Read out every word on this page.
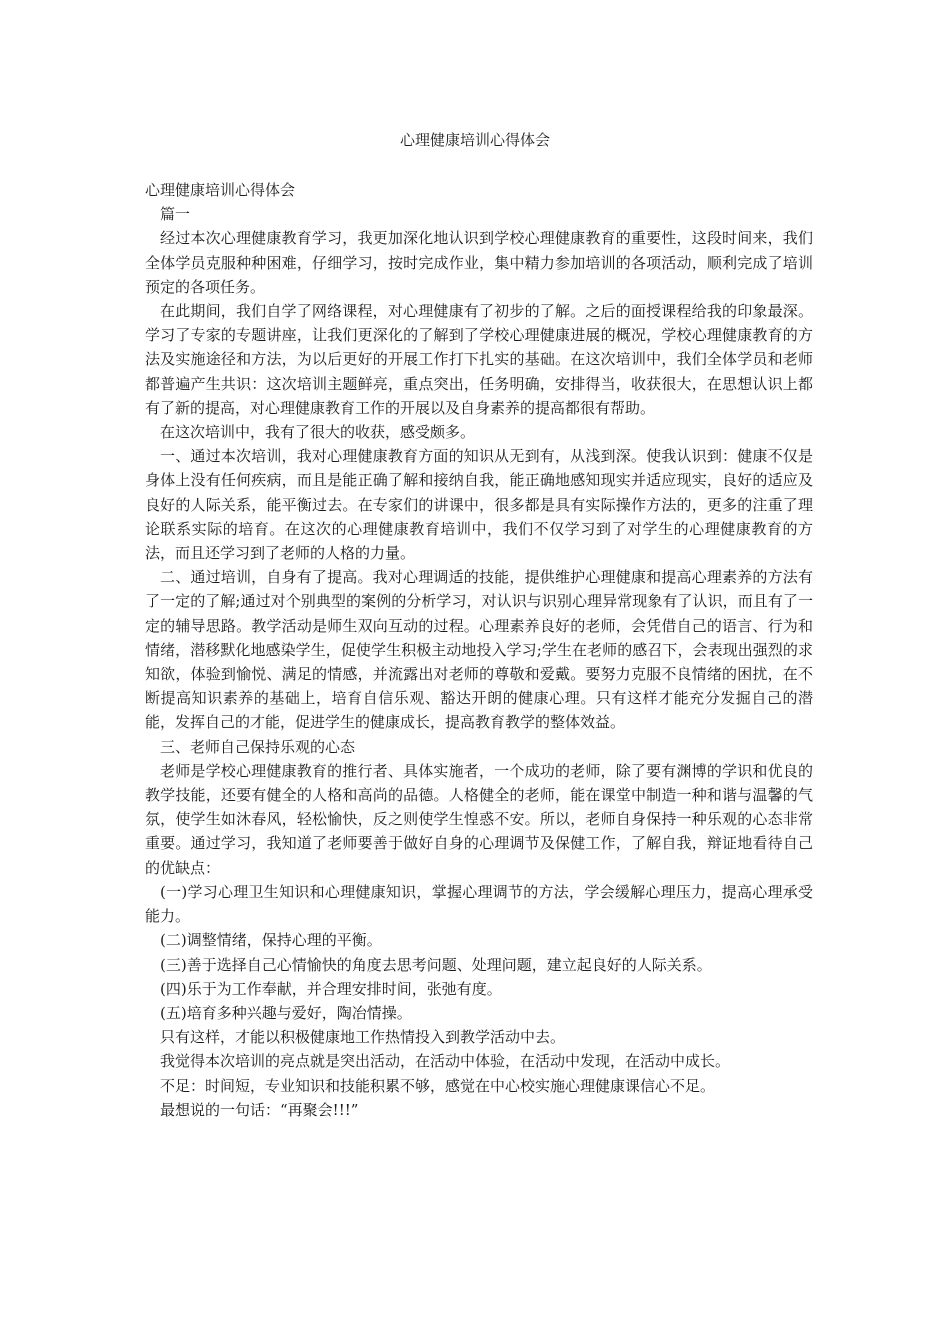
心理健康培训心得体会

心理健康培训心得体会

篇一

经过本次心理健康教育学习，我更加深化地认识到学校心理健康教育的重要性，这段时间来，我们全体学员克服种种困难，仔细学习，按时完成作业，集中精力参加培训的各项活动，顺利完成了培训预定的各项任务。

在此期间，我们自学了网络课程，对心理健康有了初步的了解。之后的面授课程给我的印象最深。学习了专家的专题讲座，让我们更深化的了解到了学校心理健康进展的概况，学校心理健康教育的方法及实施途径和方法，为以后更好的开展工作打下扎实的基础。在这次培训中，我们全体学员和老师都普遍产生共识：这次培训主题鲜亮，重点突出，任务明确，安排得当，收获很大，在思想认识上都有了新的提高，对心理健康教育工作的开展以及自身素养的提高都很有帮助。

在这次培训中，我有了很大的收获，感受颇多。

一、通过本次培训，我对心理健康教育方面的知识从无到有，从浅到深。使我认识到：健康不仅是身体上没有任何疾病，而且是能正确了解和接纳自我，能正确地感知现实并适应现实，良好的适应及良好的人际关系，能平衡过去。在专家们的讲课中，很多都是具有实际操作方法的，更多的注重了理论联系实际的培育。在这次的心理健康教育培训中，我们不仅学习到了对学生的心理健康教育的方法，而且还学习到了老师的人格的力量。

二、通过培训，自身有了提高。我对心理调适的技能，提供维护心理健康和提高心理素养的方法有了一定的了解;通过对个别典型的案例的分析学习，对认识与识别心理异常现象有了认识，而且有了一定的辅导思路。教学活动是师生双向互动的过程。心理素养良好的老师，会凭借自己的语言、行为和情绪，潜移默化地感染学生，促使学生积极主动地投入学习;学生在老师的感召下，会表现出强烈的求知欲，体验到愉悦、满足的情感，并流露出对老师的尊敬和爱戴。要努力克服不良情绪的困扰，在不断提高知识素养的基础上，培育自信乐观、豁达开朗的健康心理。只有这样才能充分发掘自己的潜能，发挥自己的才能，促进学生的健康成长，提高教育教学的整体效益。

三、老师自己保持乐观的心态

老师是学校心理健康教育的推行者、具体实施者，一个成功的老师，除了要有渊博的学识和优良的教学技能，还要有健全的人格和高尚的品德。人格健全的老师，能在课堂中制造一种和谐与温馨的气氛，使学生如沐春风，轻松愉快，反之则使学生惶惑不安。所以，老师自身保持一种乐观的心态非常重要。通过学习，我知道了老师要善于做好自身的心理调节及保健工作，了解自我，辩证地看待自己的优缺点：

(一)学习心理卫生知识和心理健康知识，掌握心理调节的方法，学会缓解心理压力，提高心理承受能力。

(二)调整情绪，保持心理的平衡。

(三)善于选择自己心情愉快的角度去思考问题、处理问题，建立起良好的人际关系。

(四)乐于为工作奉献，并合理安排时间，张弛有度。

(五)培育多种兴趣与爱好，陶冶情操。

只有这样，才能以积极健康地工作热情投入到教学活动中去。

我觉得本次培训的亮点就是突出活动，在活动中体验，在活动中发现，在活动中成长。

不足：时间短，专业知识和技能积累不够，感觉在中心校实施心理健康课信心不足。

最想说的一句话：“再聚会!!!”
